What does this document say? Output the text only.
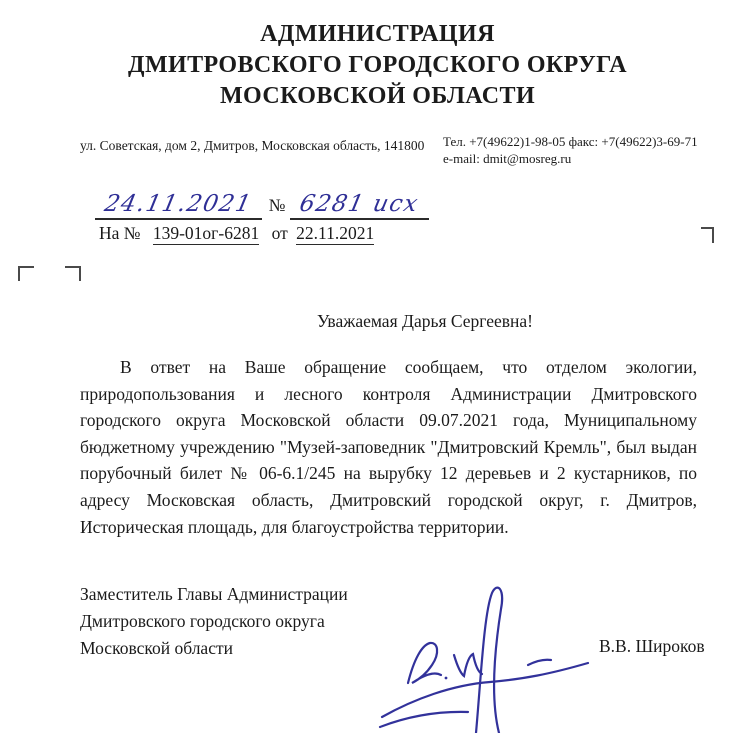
АДМИНИСТРАЦИЯ
ДМИТРОВСКОГО ГОРОДСКОГО ОКРУГА
МОСКОВСКОЙ ОБЛАСТИ
ул. Советская, дом 2, Дмитров, Московская область, 141800	Тел. +7(49622)1-98-05 факс: +7(49622)3-69-71
e-mail: dmit@mosreg.ru
24.11.2021 № 6281 исх
На № 139-01ог-6281 от 22.11.2021
Уважаемая Дарья Сергеевна!
В ответ на Ваше обращение сообщаем, что отделом экологии, природопользования и лесного контроля Администрации Дмитровского городского округа Московской области 09.07.2021 года, Муниципальному бюджетному учреждению "Музей-заповедник "Дмитровский Кремль", был выдан порубочный билет № 06-6.1/245 на вырубку 12 деревьев и 2 кустарников, по адресу Московская область, Дмитровский городской округ, г. Дмитров, Историческая площадь, для благоустройства территории.
Заместитель Главы Администрации
Дмитровского городского округа
Московской области	В.В. Широков
